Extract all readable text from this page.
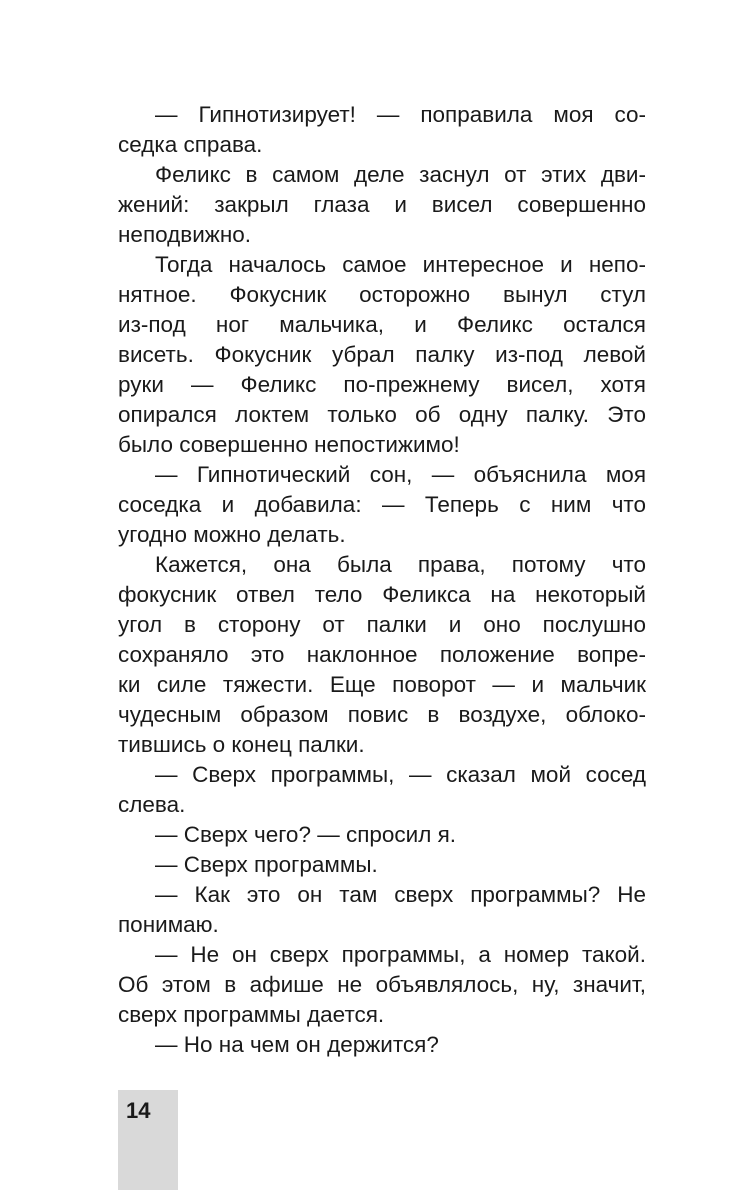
— Гипнотизирует! — поправила моя со-
седка справа.

Феликс в самом деле заснул от этих дви-
жений: закрыл глаза и висел совершенно
неподвижно.

Тогда началось самое интересное и непо-
нятное. Фокусник осторожно вынул стул
из-под ног мальчика, и Феликс остался
висеть. Фокусник убрал палку из-под левой
руки — Феликс по-прежнему висел, хотя
опирался локтем только об одну палку. Это
было совершенно непостижимо!

— Гипнотический сон, — объяснила моя
соседка и добавила: — Теперь с ним что
угодно можно делать.

Кажется, она была права, потому что
фокусник отвел тело Феликса на некоторый
угол в сторону от палки и оно послушно
сохраняло это наклонное положение вопре-
ки силе тяжести. Еще поворот — и мальчик
чудесным образом повис в воздухе, облоко-
тившись о конец палки.

— Сверх программы, — сказал мой сосед
слева.

— Сверх чего? — спросил я.

— Сверх программы.

— Как это он там сверх программы? Не
понимаю.

— Не он сверх программы, а номер такой.
Об этом в афише не объявлялось, ну, значит,
сверх программы дается.

— Но на чем он держится?

14
